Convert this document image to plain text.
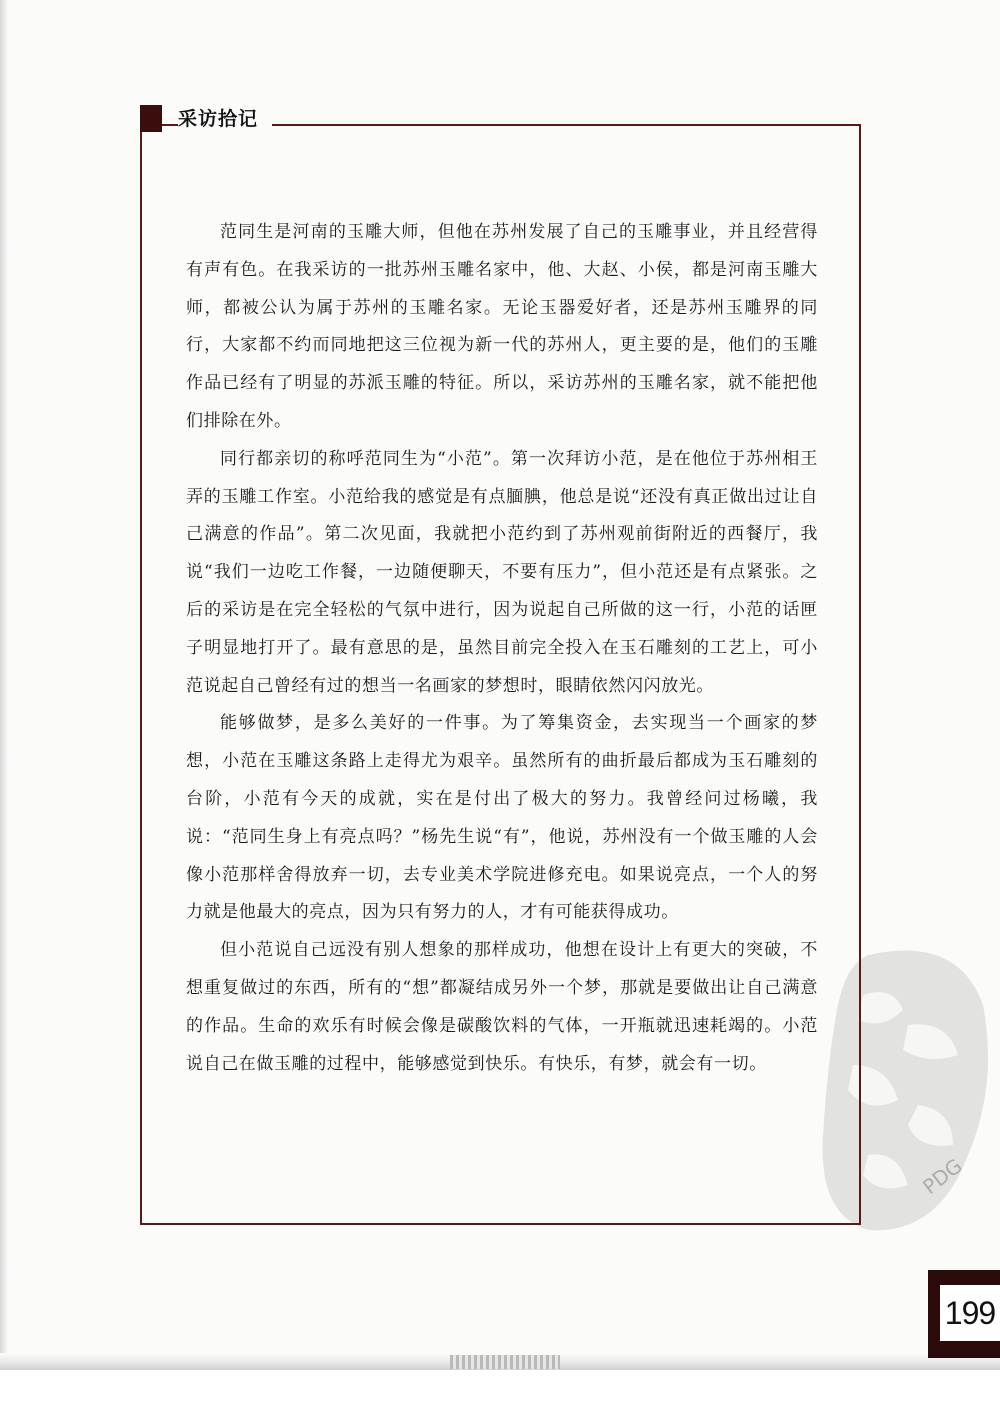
PDG
采访拾记

范同生是河南的玉雕大师，但他在苏州发展了自己的玉雕事业，并且经营得有声有色。在我采访的一批苏州玉雕名家中，他、大赵、小侯，都是河南玉雕大师，都被公认为属于苏州的玉雕名家。无论玉器爱好者，还是苏州玉雕界的同行，大家都不约而同地把这三位视为新一代的苏州人，更主要的是，他们的玉雕作品已经有了明显的苏派玉雕的特征。所以，采访苏州的玉雕名家，就不能把他们排除在外。

同行都亲切的称呼范同生为“小范”。第一次拜访小范，是在他位于苏州相王弄的玉雕工作室。小范给我的感觉是有点腼腆，他总是说“还没有真正做出过让自己满意的作品”。第二次见面，我就把小范约到了苏州观前街附近的西餐厅，我说“我们一边吃工作餐，一边随便聊天，不要有压力”，但小范还是有点紧张。之后的采访是在完全轻松的气氛中进行，因为说起自己所做的这一行，小范的话匣子明显地打开了。最有意思的是，虽然目前完全投入在玉石雕刻的工艺上，可小范说起自己曾经有过的想当一名画家的梦想时，眼睛依然闪闪放光。

能够做梦，是多么美好的一件事。为了筹集资金，去实现当一个画家的梦想，小范在玉雕这条路上走得尤为艰辛。虽然所有的曲折最后都成为玉石雕刻的台阶，小范有今天的成就，实在是付出了极大的努力。我曾经问过杨曦，我说：“范同生身上有亮点吗？”杨先生说“有”，他说，苏州没有一个做玉雕的人会像小范那样舍得放弃一切，去专业美术学院进修充电。如果说亮点，一个人的努力就是他最大的亮点，因为只有努力的人，才有可能获得成功。

但小范说自己远没有别人想象的那样成功，他想在设计上有更大的突破，不想重复做过的东西，所有的“想”都凝结成另外一个梦，那就是要做出让自己满意的作品。生命的欢乐有时候会像是碳酸饮料的气体，一开瓶就迅速耗竭的。小范说自己在做玉雕的过程中，能够感觉到快乐。有快乐，有梦，就会有一切。

199
